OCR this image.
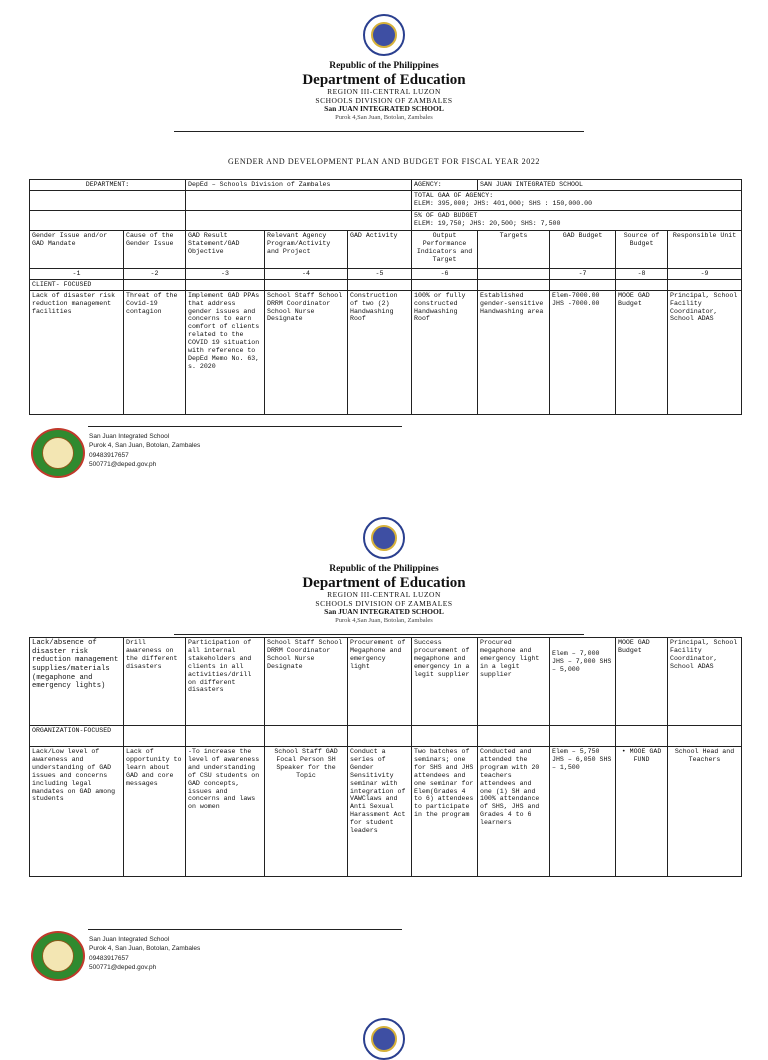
Republic of the Philippines
Department of Education
REGION III-CENTRAL LUZON
SCHOOLS DIVISION OF ZAMBALES
San JUAN INTEGRATED SCHOOL
Purok 4,San Juan, Botolan, Zambales
GENDER AND DEVELOPMENT PLAN AND BUDGET FOR FISCAL YEAR 2022
DEPARTMENT:		DepEd – Schools Division of Zambales			AGENCY:	SAN JUAN INTEGRATED SCHOOL			

					TOTAL GAA OF AGENCY:
ELEM: 395,000; JHS: 401,000; SHS : 150,000.00				

					5% OF GAD BUDGET
ELEM: 19,750; JHS: 20,500; SHS: 7,500				

Gender Issue and/or GAD Mandate	Cause of the Gender Issue	GAD Result Statement/GAD Objective	Relevant Agency Program/Activity and Project	GAD Activity	Output Performance Indicators and Target	Targets	GAD Budget	Source of Budget	Responsible Unit
-1	-2	-3	-4	-5	-6		-7	-8	-9
CLIENT- FOCUSED									
Lack of disaster risk reduction management facilities	Threat of the Covid-19 contagion	Implement GAD PPAs that address gender issues and concerns to earn comfort of clients related to the COVID 19 situation with reference to DepEd Memo No. 63, s. 2020	School Staff School DRRM Coordinator School Nurse Designate	Construction of two (2) Handwashing Roof	100% or fully constructed Handwashing Roof	Established gender-sensitive Handwashing area	Elem-7000.00 JHS -7000.00	MOOE GAD Budget	Principal, School Facility Coordinator, School ADAS
San Juan Integrated School
Purok 4, San Juan, Botolan, Zambales
09483917657
500771@deped.gov.ph
Republic of the Philippines
Department of Education
REGION III-CENTRAL LUZON
SCHOOLS DIVISION OF ZAMBALES
San JUAN INTEGRATED SCHOOL
Purok 4,San Juan, Botolan, Zambales
Lack/absence of disaster risk reduction management supplies/materials (megaphone and emergency lights)	Drill awareness on the different disasters	Participation of all internal stakeholders and clients in all activities/drill on different disasters	School Staff School DRRM Coordinator School Nurse Designate	Procurement of Megaphone and emergency light	Success procurement of megaphone and emergency in a legit supplier	Procured megaphone and emergency light in a legit supplier	Elem – 7,000 JHS – 7,000 SHS – 5,000	MOOE GAD Budget	Principal, School Facility Coordinator, School ADAS
ORGANIZATION-FOCUSED									
Lack/Low level of awareness and understanding of GAD issues and concerns including legal mandates on GAD among students	Lack of opportunity to learn about GAD and core messages	-To increase the level of awareness and understanding of CSU students on GAD concepts, issues and concerns and laws on women	School Staff GAD Focal Person SH Speaker for the Topic	Conduct a series of Gender Sensitivity seminar with integration of VAWClaws and Anti Sexual Harassment Act for student leaders	Two batches of seminars; one for SHS and JHS attendees and one seminar for Elem(Grades 4 to 6) attendees to participate in the program	Conducted and attended the program with 20 teachers attendees and one (1) SH and 100% attendance of SHS, JHS and Grades 4 to 6 learners	Elem – 5,750 JHS – 6,050 SHS – 1,500	• MOOE GAD FUND	School Head and Teachers
San Juan Integrated School
Purok 4, San Juan, Botolan, Zambales
09483917657
500771@deped.gov.ph
